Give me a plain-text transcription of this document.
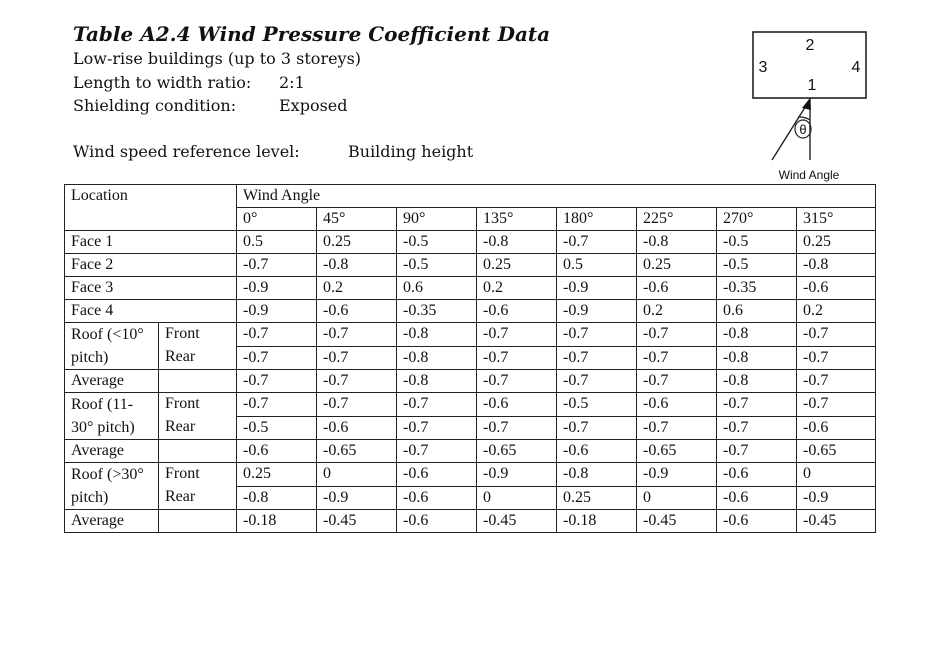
Table A2.4 Wind Pressure Coefficient Data
Low-rise buildings (up to 3 storeys)
Length to width ratio: 2:1
Shielding condition:	Exposed
Wind speed reference level:	Building height
2
3	4
1
θ
Wind Angle
Location		Wind Angle							
		0°	45°	90°	135°	180°	225°	270°	315°
Face 1		0.5	0.25	-0.5	-0.8	-0.7	-0.8	-0.5	0.25
Face 2		-0.7	-0.8	-0.5	0.25	0.5	0.25	-0.5	-0.8
Face 3		-0.9	0.2	0.6	0.2	-0.9	-0.6	-0.35	-0.6
Face 4		-0.9	-0.6	-0.35	-0.6	-0.9	0.2	0.6	0.2
Roof (<10° pitch)	Front	-0.7	-0.7	-0.8	-0.7	-0.7	-0.7	-0.8	-0.7
	Rear	-0.7	-0.7	-0.8	-0.7	-0.7	-0.7	-0.8	-0.7
Average		-0.7	-0.7	-0.8	-0.7	-0.7	-0.7	-0.8	-0.7
Roof (11-30° pitch)	Front	-0.7	-0.7	-0.7	-0.6	-0.5	-0.6	-0.7	-0.7
	Rear	-0.5	-0.6	-0.7	-0.7	-0.7	-0.7	-0.7	-0.6
Average		-0.6	-0.65	-0.7	-0.65	-0.6	-0.65	-0.7	-0.65
Roof (>30° pitch)	Front	0.25	0	-0.6	-0.9	-0.8	-0.9	-0.6	0
	Rear	-0.8	-0.9	-0.6	0	0.25	0	-0.6	-0.9
Average		-0.18	-0.45	-0.6	-0.45	-0.18	-0.45	-0.6	-0.45
